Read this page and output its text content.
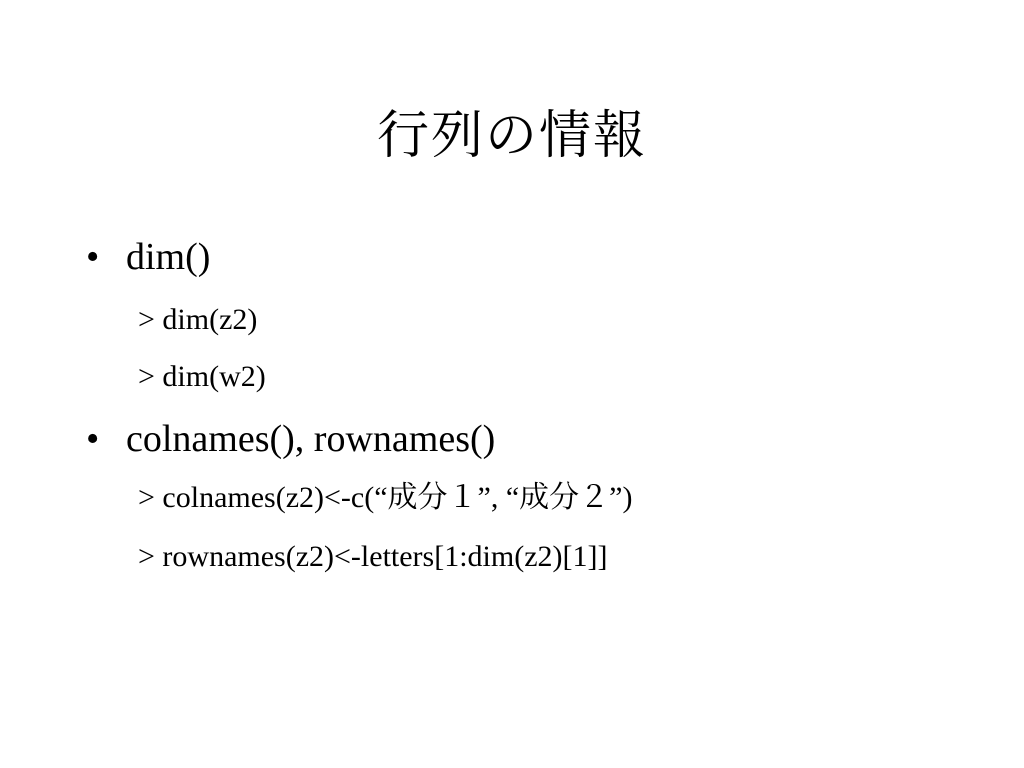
行列の情報
• dim()
> dim(z2)
> dim(w2)
• colnames(), rownames()
> colnames(z2)<-c(“成分１”, “成分２”)
> rownames(z2)<-letters[1:dim(z2)[1]]
